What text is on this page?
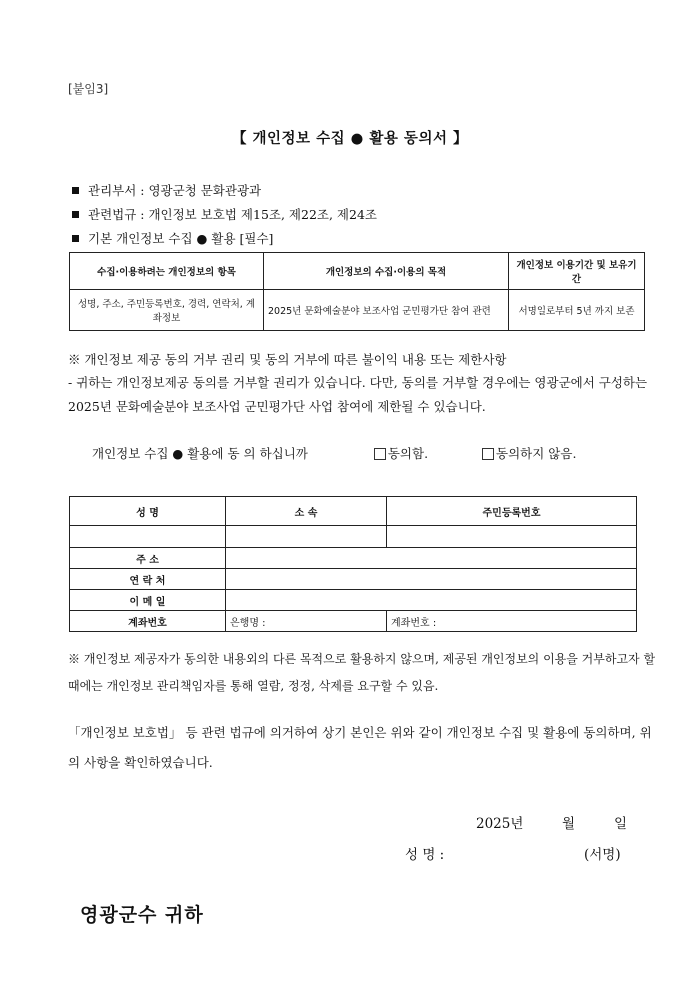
[붙임3]
【 개인정보 수집 ● 활용 동의서 】
관리부서 : 영광군청 문화관광과
관련법규 : 개인정보 보호법 제15조, 제22조, 제24조
기본 개인정보 수집 ● 활용 [필수]
수집·이용하려는 개인정보의 항목	개인정보의 수집·이용의 목적	개인정보 이용기간 및 보유기간
성명, 주소, 주민등록번호, 경력, 연락처, 계좌정보	2025년 문화예술분야 보조사업 군민평가단 참여 관련	서명일로부터 5년 까지 보존
※ 개인정보 제공 동의 거부 권리 및 동의 거부에 따른 불이익 내용 또는 제한사항
- 귀하는 개인정보제공 동의를 거부할 권리가 있습니다. 다만, 동의를 거부할 경우에는 영광군에서 구성하는 2025년 문화예술분야 보조사업 군민평가단 사업 참여에 제한될 수 있습니다.
개인정보 수집 ● 활용에 동 의 하십니까	동의함.	동의하지 않음.
성 명	소 속	주민등록번호

주 소		
연 락 처		
이 메 일		
계좌번호	은행명 :	계좌번호 :
※ 개인정보 제공자가 동의한 내용외의 다른 목적으로 활용하지 않으며, 제공된 개인정보의 이용을 거부하고자 할 때에는 개인정보 관리책임자를 통해 열람, 정정, 삭제를 요구할 수 있음.
「개인정보 보호법」 등 관련 법규에 의거하여 상기 본인은 위와 같이 개인정보 수집 및 활용에 동의하며, 위의 사항을 확인하였습니다.
2025년	월	일
성 명 :	(서명)
영광군수 귀하
